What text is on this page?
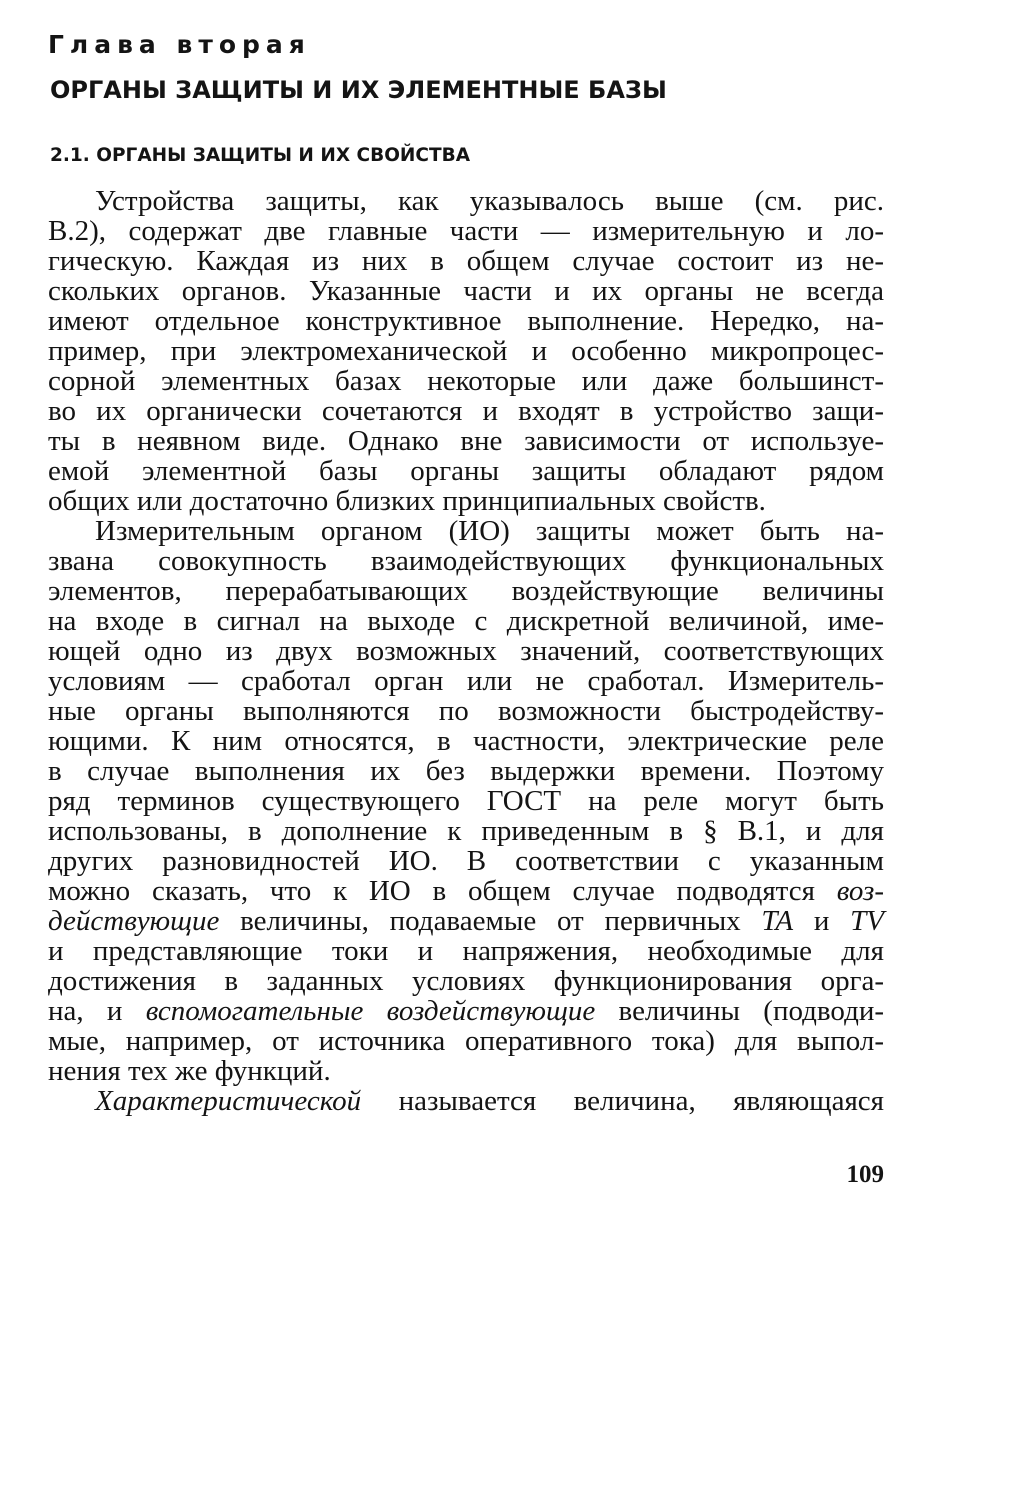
Глава вторая
ОРГАНЫ ЗАЩИТЫ И ИХ ЭЛЕМЕНТНЫЕ БАЗЫ
2.1. ОРГАНЫ ЗАЩИТЫ И ИХ СВОЙСТВА
Устройства защиты, как указывалось выше (см. рис.
В.2), содержат две главные части — измерительную и ло-
гическую. Каждая из них в общем случае состоит из не-
скольких органов. Указанные части и их органы не всегда
имеют отдельное конструктивное выполнение. Нередко, на-
пример, при электромеханической и особенно микропроцес-
сорной элементных базах некоторые или даже большинст-
во их органически сочетаются и входят в устройство защи-
ты в неявном виде. Однако вне зависимости от используе-
емой элементной базы органы защиты обладают рядом
общих или достаточно близких принципиальных свойств.
Измерительным органом (ИО) защиты может быть на-
звана совокупность взаимодействующих функциональных
элементов, перерабатывающих воздействующие величины
на входе в сигнал на выходе с дискретной величиной, име-
ющей одно из двух возможных значений, соответствующих
условиям — сработал орган или не сработал. Измеритель-
ные органы выполняются по возможности быстродейству-
ющими. К ним относятся, в частности, электрические реле
в случае выполнения их без выдержки времени. Поэтому
ряд терминов существующего ГОСТ на реле могут быть
использованы, в дополнение к приведенным в § В.1, и для
других разновидностей ИО. В соответствии с указанным
можно сказать, что к ИО в общем случае подводятся воз-
действующие величины, подаваемые от первичных TA и TV
и представляющие токи и напряжения, необходимые для
достижения в заданных условиях функционирования орга-
на, и вспомогательные воздействующие величины (подводи-
мые, например, от источника оперативного тока) для выпол-
нения тех же функций.
Характеристической называется величина, являющаяся
109
